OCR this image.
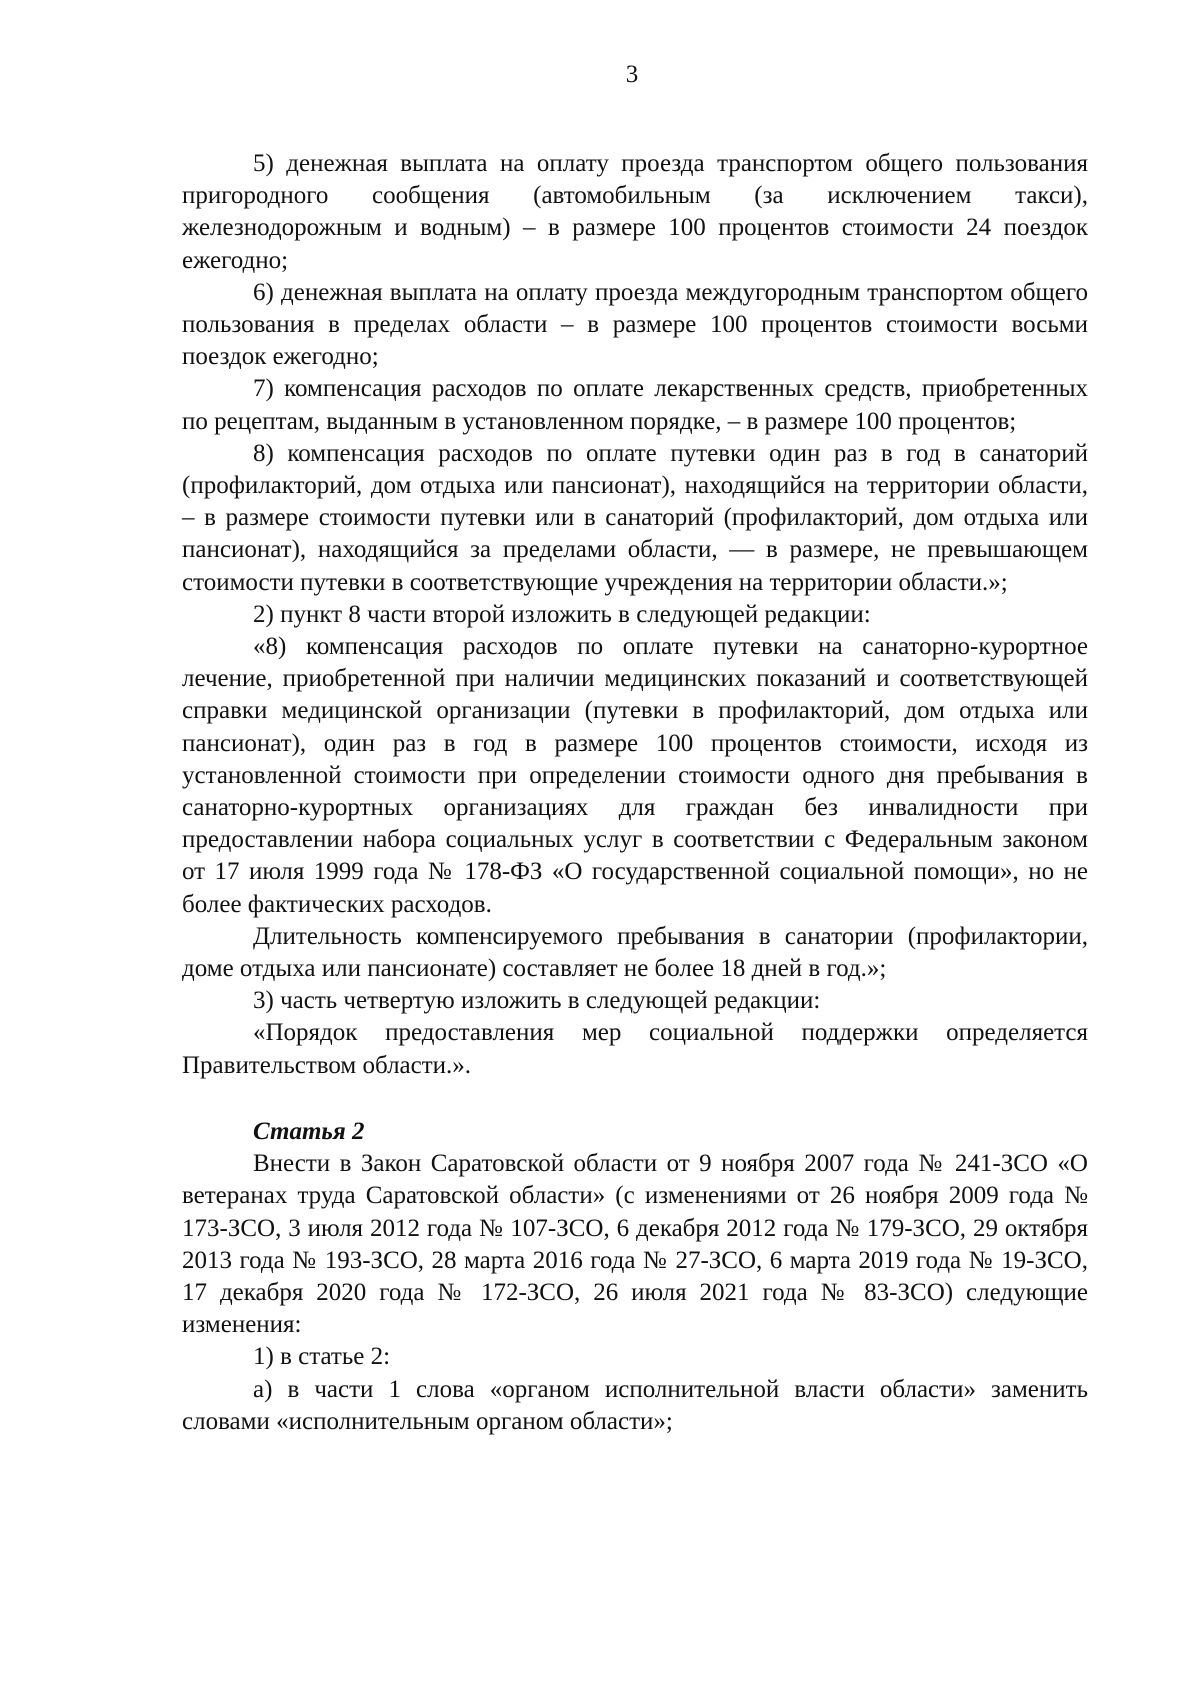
3

5) денежная выплата на оплату проезда транспортом общего пользования пригородного сообщения (автомобильным (за исключением такси), железнодорожным и водным) – в размере 100 процентов стоимости 24 поездок ежегодно;

6) денежная выплата на оплату проезда междугородным транспортом общего пользования в пределах области – в размере 100 процентов стоимости восьми поездок ежегодно;

7) компенсация расходов по оплате лекарственных средств, приобретенных по рецептам, выданным в установленном порядке, – в размере 100 процентов;

8) компенсация расходов по оплате путевки один раз в год в санаторий (профилакторий, дом отдыха или пансионат), находящийся на территории области, – в размере стоимости путевки или в санаторий (профилакторий, дом отдыха или пансионат), находящийся за пределами области, — в размере, не превышающем стоимости путевки в соответствующие учреждения на территории области.»;

2) пункт 8 части второй изложить в следующей редакции:

«8) компенсация расходов по оплате путевки на санаторно-курортное лечение, приобретенной при наличии медицинских показаний и соответствующей справки медицинской организации (путевки в профилакторий, дом отдыха или пансионат), один раз в год в размере 100 процентов стоимости, исходя из установленной стоимости при определении стоимости одного дня пребывания в санаторно-курортных организациях для граждан без инвалидности при предоставлении набора социальных услуг в соответствии с Федеральным законом от 17 июля 1999 года № 178-ФЗ «О государственной социальной помощи», но не более фактических расходов.

Длительность компенсируемого пребывания в санатории (профилактории, доме отдыха или пансионате) составляет не более 18 дней в год.»;

3) часть четвертую изложить в следующей редакции:

«Порядок предоставления мер социальной поддержки определяется Правительством области.».

Статья 2

Внести в Закон Саратовской области от 9 ноября 2007 года № 241-ЗСО «О ветеранах труда Саратовской области» (с изменениями от 26 ноября 2009 года № 173-ЗСО, 3 июля 2012 года № 107-ЗСО, 6 декабря 2012 года № 179-ЗСО, 29 октября 2013 года № 193-ЗСО, 28 марта 2016 года № 27-ЗСО, 6 марта 2019 года № 19-ЗСО, 17 декабря 2020 года № 172-ЗСО, 26 июля 2021 года № 83-ЗСО) следующие изменения:

1) в статье 2:

а) в части 1 слова «органом исполнительной власти области» заменить словами «исполнительным органом области»;
